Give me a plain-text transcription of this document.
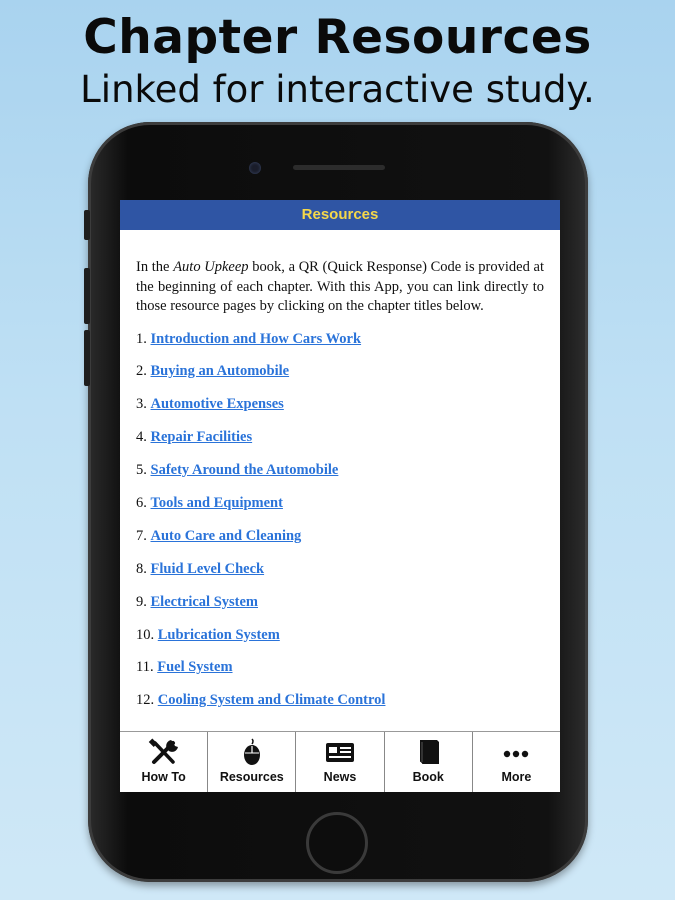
Chapter Resources
Linked for interactive study.
Resources

In the Auto Upkeep book, a QR (Quick Response) Code is provided at the beginning of each chapter. With this App, you can link directly to those resource pages by clicking on the chapter titles below.

1. Introduction and How Cars Work
2. Buying an Automobile
3. Automotive Expenses
4. Repair Facilities
5. Safety Around the Automobile
6. Tools and Equipment
7. Auto Care and Cleaning
8. Fluid Level Check
9. Electrical System
10. Lubrication System
11. Fuel System
12. Cooling System and Climate Control
How To	Resources	News	Book	More
